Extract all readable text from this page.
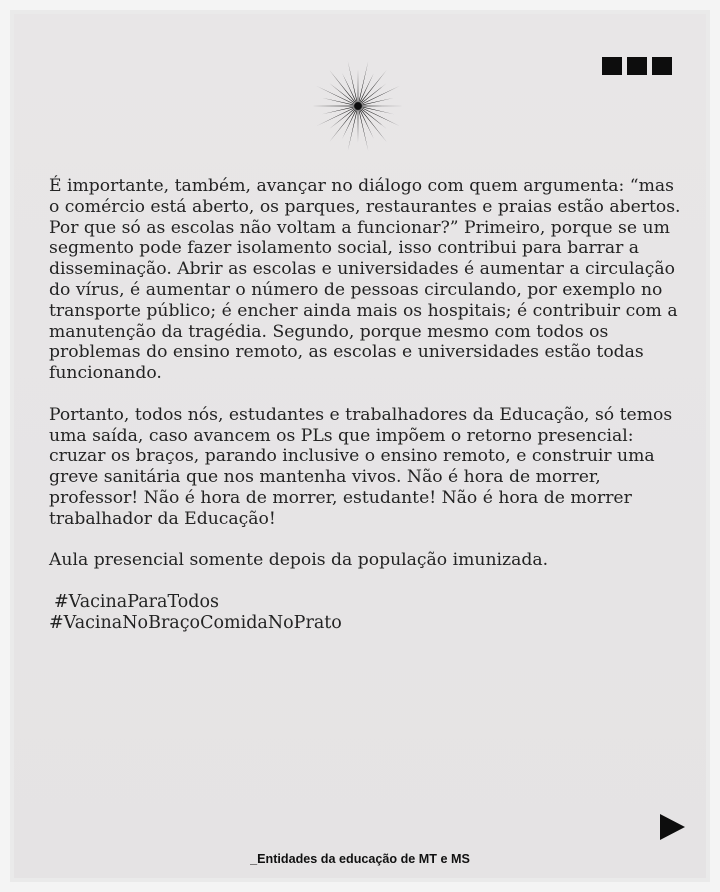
É importante, também, avançar no diálogo com quem argumenta: “mas o comércio está aberto, os parques, restaurantes e praias estão abertos. Por que só as escolas não voltam a funcionar?” Primeiro, porque se um segmento pode fazer isolamento social, isso contribui para barrar a disseminação. Abrir as escolas e universidades é aumentar a circulação do vírus, é aumentar o número de pessoas circulando, por exemplo no transporte público; é encher ainda mais os hospitais; é contribuir com a manutenção da tragédia. Segundo, porque mesmo com todos os problemas do ensino remoto, as escolas e universidades estão todas funcionando.

Portanto, todos nós, estudantes e trabalhadores da Educação, só temos uma saída, caso avancem os PLs que impõem o retorno presencial: cruzar os braços, parando inclusive o ensino remoto, e construir uma greve sanitária que nos mantenha vivos. Não é hora de morrer, professor! Não é hora de morrer, estudante! Não é hora de morrer trabalhador da Educação!

Aula presencial somente depois da população imunizada.

#VacinaParaTodos
#VacinaNoBraçoComidaNoPrato
_Entidades da educação de MT e MS
